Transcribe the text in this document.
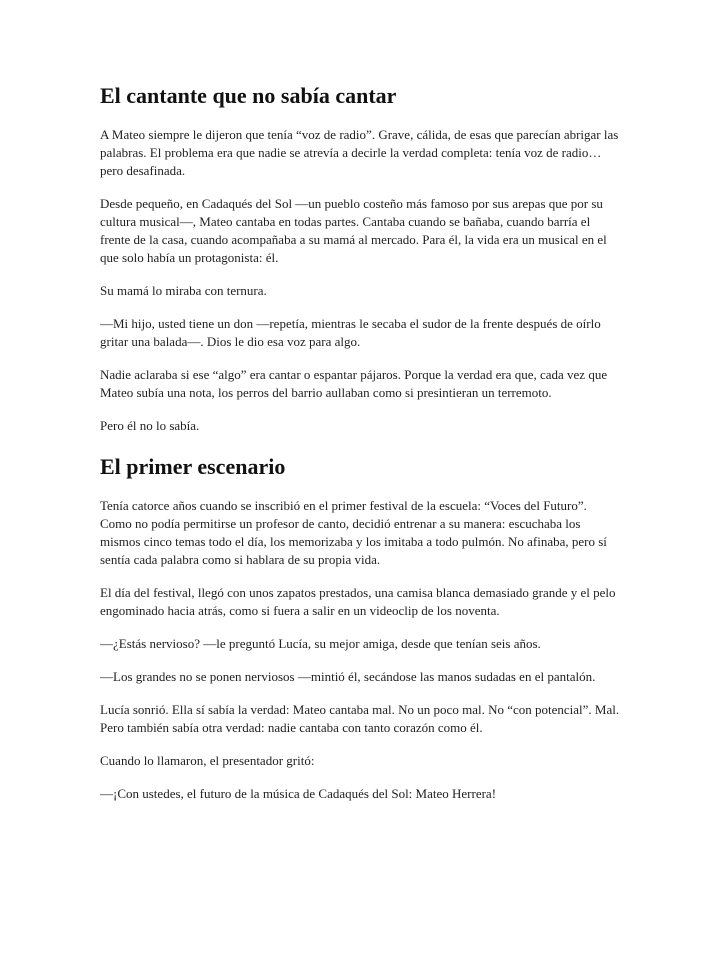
El cantante que no sabía cantar

A Mateo siempre le dijeron que tenía “voz de radio”. Grave, cálida, de esas que parecían abrigar las palabras. El problema era que nadie se atrevía a decirle la verdad completa: tenía voz de radio… pero desafinada.

Desde pequeño, en Cadaqués del Sol —un pueblo costeño más famoso por sus arepas que por su cultura musical—, Mateo cantaba en todas partes. Cantaba cuando se bañaba, cuando barría el frente de la casa, cuando acompañaba a su mamá al mercado. Para él, la vida era un musical en el que solo había un protagonista: él.

Su mamá lo miraba con ternura.

—Mi hijo, usted tiene un don —repetía, mientras le secaba el sudor de la frente después de oírlo gritar una balada—. Dios le dio esa voz para algo.

Nadie aclaraba si ese “algo” era cantar o espantar pájaros. Porque la verdad era que, cada vez que Mateo subía una nota, los perros del barrio aullaban como si presintieran un terremoto.

Pero él no lo sabía.

El primer escenario

Tenía catorce años cuando se inscribió en el primer festival de la escuela: “Voces del Futuro”. Como no podía permitirse un profesor de canto, decidió entrenar a su manera: escuchaba los mismos cinco temas todo el día, los memorizaba y los imitaba a todo pulmón. No afinaba, pero sí sentía cada palabra como si hablara de su propia vida.

El día del festival, llegó con unos zapatos prestados, una camisa blanca demasiado grande y el pelo engominado hacia atrás, como si fuera a salir en un videoclip de los noventa.

—¿Estás nervioso? —le preguntó Lucía, su mejor amiga, desde que tenían seis años.

—Los grandes no se ponen nerviosos —mintió él, secándose las manos sudadas en el pantalón.

Lucía sonrió. Ella sí sabía la verdad: Mateo cantaba mal. No un poco mal. No “con potencial”. Mal. Pero también sabía otra verdad: nadie cantaba con tanto corazón como él.

Cuando lo llamaron, el presentador gritó:

—¡Con ustedes, el futuro de la música de Cadaqués del Sol: Mateo Herrera!
